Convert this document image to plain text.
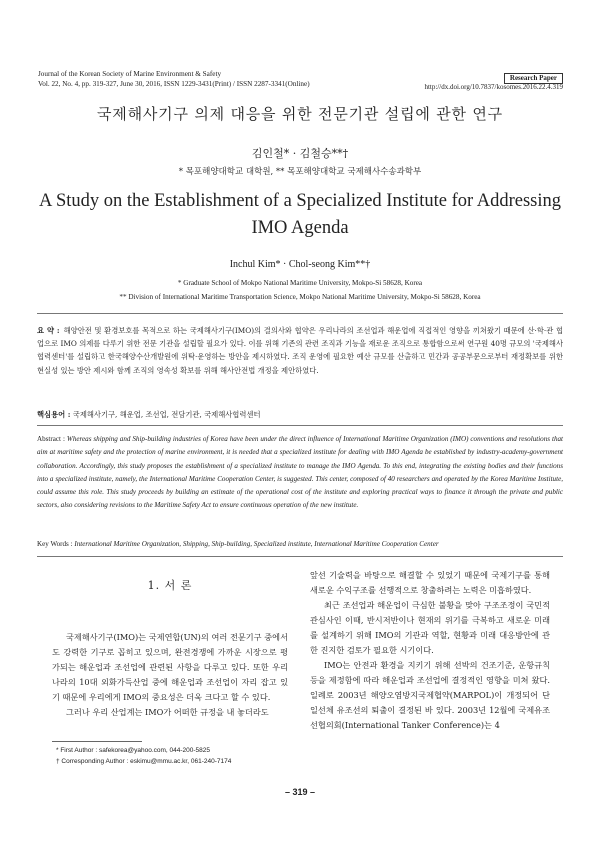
Journal of the Korean Society of Marine Environment & Safety
Vol. 22, No. 4, pp. 319-327, June 30, 2016, ISSN 1229-3431(Print) / ISSN 2287-3341(Online)
Research Paper
http://dx.doi.org/10.7837/kosomes.2016.22.4.319
국제해사기구 의제 대응을 위한 전문기관 설립에 관한 연구
김인철* · 김철승**†
* 목포해양대학교 대학원, ** 목포해양대학교 국제해사수송과학부
A Study on the Establishment of a Specialized Institute for Addressing
IMO Agenda
Inchul Kim* · Chol-seong Kim**†
* Graduate School of Mokpo National Maritime University, Mokpo-Si 58628, Korea
** Division of International Maritime Transportation Science, Mokpo National Maritime University, Mokpo-Si 58628, Korea
요 약 : 해양안전 및 환경보호를 목적으로 하는 국제해사기구(IMO)의 결의사와 협약은 우리나라의 조선업과 해운업에 직접적인 영향을 끼쳐왔기 때문에 산·학·관 협업으로 IMO 의제를 다루기 위한 전문 기관을 설립할 필요가 있다. 이를 위해 기존의 관련 조직과 기능을 재로운 조직으로 통합함으로써 연구원 40명 규모의 '국제해사협력센터'를 설립하고 한국해양수산개발원에 위탁·운영하는 방안을 제시하였다. 조직 운영에 필요한 예산 규모를 산출하고 민간과 공공부문으로부터 재정확보를 위한 현실성 있는 방안 제시와 함께 조직의 영속성 확보를 위해 해사안전법 개정을 제안하였다.
핵심용어 : 국제해사기구, 해운업, 조선업, 전담기관, 국제해사협력센터
Abstract : Whereas shipping and Ship-building industries of Korea have been under the direct influence of International Maritime Organization (IMO) conventions and resolutions that aim at maritime safety and the protection of marine environment, it is needed that a specialized institute for dealing with IMO Agenda be established by industry-academy-government collaboration. Accordingly, this study proposes the establishment of a specialized institute to manage the IMO Agenda. To this end, integrating the existing bodies and their functions into a specialized institute, namely, the International Maritime Cooperation Center, is suggested. This center, composed of 40 researchers and operated by the Korea Maritime Institute, could assume this role. This study proceeds by building an estimate of the operational cost of the institute and exploring practical ways to finance it through the private and public sectors, also considering revisions to the Maritime Safety Act to ensure continuous operation of the new institute.
Key Words : International Maritime Organization, Shipping, Ship-building, Specialized institute, International Maritime Cooperation Center
1. 서 론

국제해사기구(IMO)는 국제연합(UN)의 여러 전문기구 중에서도 강력한 기구로 꼽히고 있으며, 완전경쟁에 가까운 시장으로 평가되는 해운업과 조선업에 관련된 사항을 다루고 있다. 또한 우리나라의 10대 외화가득산업 중에 해운업과 조선업이 자리 잡고 있기 때문에 우리에게 IMO의 중요성은 더욱 크다고 할 수 있다.

그러나 우리 산업계는 IMO가 어떠한 규정을 내 놓더라도

앞선 기술력을 바탕으로 해결할 수 있었기 때문에 국제기구를 통해 새로운 수익구조를 선행적으로 창출하려는 노력은 미흡하였다.

최근 조선업과 해운업이 극심한 불황을 맞아 구조조정이 국민적 관심사인 이때, 반시저반이나 현재의 위기를 극복하고 새로운 미래를 설계하기 위해 IMO의 기관과 역할, 현황과 미래 대응방안에 관한 진지한 검토가 필요한 시기이다.

IMO는 안전과 환경을 지키기 위해 선박의 건조기준, 운항규칙 등을 제정함에 따라 해운업과 조선업에 결정적인 영향을 미쳐 왔다. 일례로 2003년 해양오염방지국제협약(MARPOL)이 개정되어 단일선체 유조선의 퇴출이 결정된 바 있다. 2003년 12월에 국제유조선협의회(International Tanker Conference)는 4

* First Author : safekorea@yahoo.com, 044-200-5825
† Corresponding Author : eskimu@mmu.ac.kr, 061-240-7174
– 319 –
